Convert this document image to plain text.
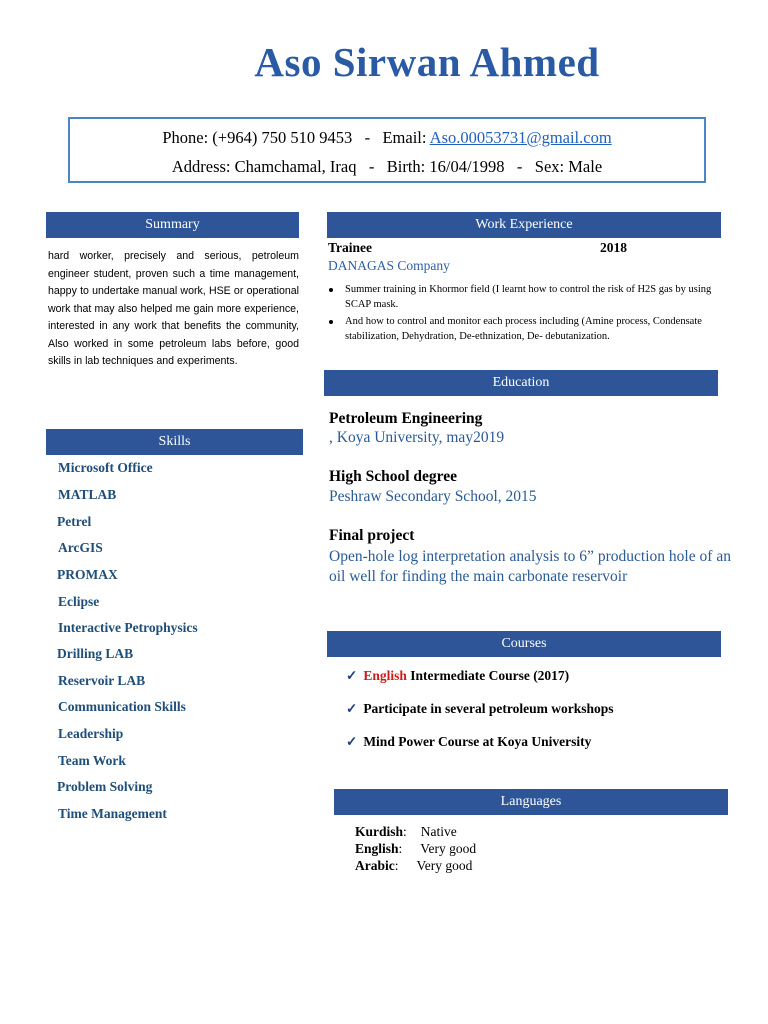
Aso Sirwan Ahmed
Phone: (+964) 750 510 9453   -   Email: Aso.00053731@gmail.com
Address: Chamchamal, Iraq   -   Birth: 16/04/1998   -   Sex: Male
Summary
hard worker, precisely and serious, petroleum engineer student, proven such a time management, happy to undertake manual work, HSE or operational work that may also helped me gain more experience, interested in any work that benefits the community, Also worked in some petroleum labs before, good skills in lab techniques and experiments.
Skills
Microsoft Office
MATLAB
Petrel
ArcGIS
PROMAX
Eclipse
Interactive Petrophysics
Drilling LAB
Reservoir LAB
Communication Skills
Leadership
Team Work
Problem Solving
Time Management
Work Experience
Trainee	2018
DANAGAS Company
Summer training in Khormor field (I learnt how to control the risk of H2S gas by using SCAP mask.
And how to control and monitor each process including (Amine process, Condensate stabilization, Dehydration, De-ethnization, De- debutanization.
Education
Petroleum Engineering
, Koya University, may2019
High School degree
Peshraw Secondary School, 2015
Final project
Open-hole log interpretation analysis to 6” production hole of an oil well for finding the main carbonate reservoir
Courses
✓ English Intermediate Course (2017)
✓ Participate in several petroleum workshops
✓ Mind Power Course at Koya University
Languages
Kurdish: Native
English: Very good
Arabic: Very good
